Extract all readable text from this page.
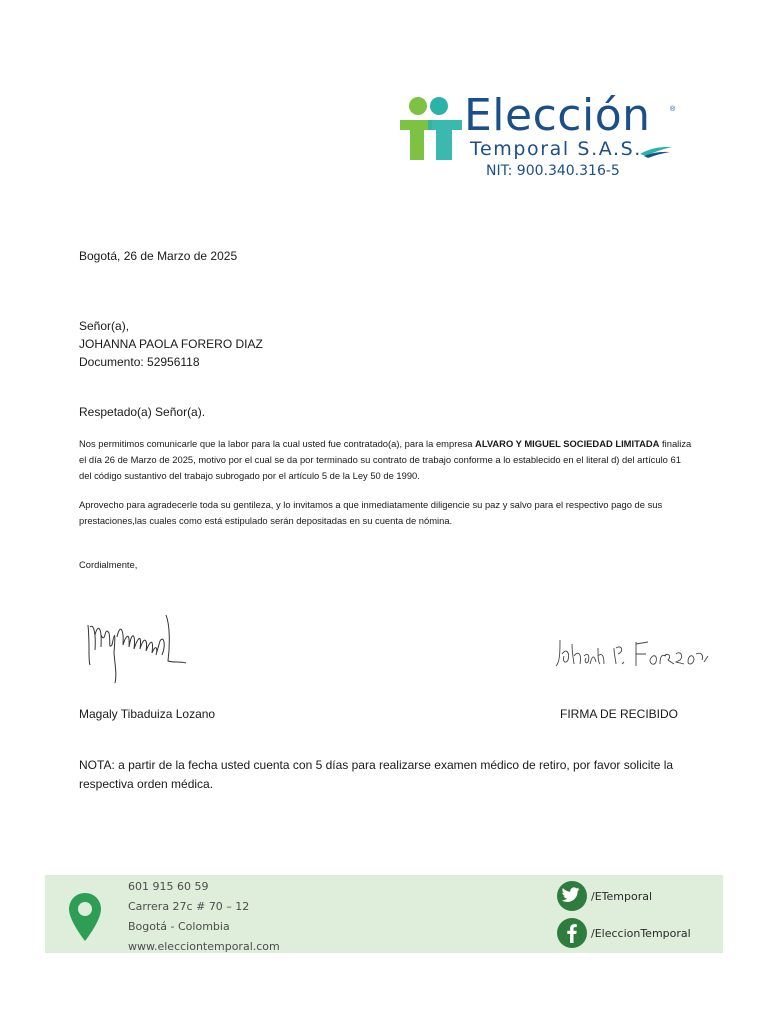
Elección	®
Temporal S.A.S.
NIT: 900.340.316-5
Bogotá, 26 de Marzo de 2025
Señor(a),
JOHANNA PAOLA FORERO DIAZ
Documento: 52956118
Respetado(a) Señor(a).
Nos permitimos comunicarle que la labor para la cual usted fue contratado(a), para la empresa ALVARO Y MIGUEL SOCIEDAD LIMITADA finaliza el día 26 de Marzo de 2025, motivo por el cual se da por terminado su contrato de trabajo conforme a lo establecido en el literal d) del artículo 61 del código sustantivo del trabajo subrogado por el artículo 5 de la Ley 50 de 1990.
Aprovecho para agradecerle toda su gentileza, y lo invitamos a que inmediatamente diligencie su paz y salvo para el respectivo pago de sus prestaciones,las cuales como está estipulado serán depositadas en su cuenta de nómina.
Cordialmente,
Magaly Tibaduiza Lozano	FIRMA DE RECIBIDO
NOTA: a partir de la fecha usted cuenta con 5 días para realizarse examen médico de retiro, por favor solicite la respectiva orden médica.
601 915 60 59
Carrera 27c # 70 – 12
Bogotá - Colombia
www.elecciontemporal.com
/ETemporal
/EleccionTemporal
